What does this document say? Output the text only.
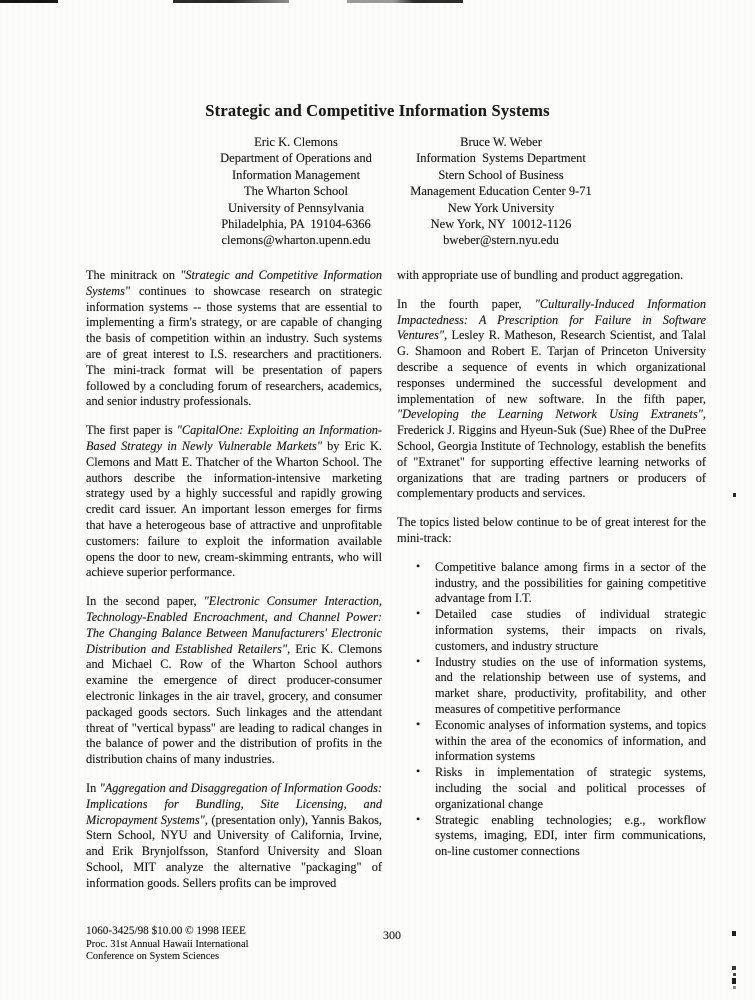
Strategic and Competitive Information Systems
Eric K. Clemons
Department of Operations and
Information Management
The Wharton School
University of Pennsylvania
Philadelphia, PA  19104-6366
clemons@wharton.upenn.edu
Bruce W. Weber
Information  Systems Department
Stern School of Business
Management Education Center 9-71
New York University
New York, NY  10012-1126
bweber@stern.nyu.edu

The minitrack on "Strategic and Competitive Information Systems" continues to showcase research on strategic information systems -- those systems that are essential to implementing a firm's strategy, or are capable of changing the basis of competition within an industry. Such systems are of great interest to I.S. researchers and practitioners. The mini-track format will be presentation of papers followed by a concluding forum of researchers, academics, and senior industry professionals.

The first paper is "CapitalOne: Exploiting an Information-Based Strategy in Newly Vulnerable Markets" by Eric K. Clemons and Matt E. Thatcher of the Wharton School. The authors describe the information-intensive marketing strategy used by a highly successful and rapidly growing credit card issuer. An important lesson emerges for firms that have a heterogeous base of attractive and unprofitable customers: failure to exploit the information available opens the door to new, cream-skimming entrants, who will achieve superior performance.

In the second paper, "Electronic Consumer Interaction, Technology-Enabled Encroachment, and Channel Power: The Changing Balance Between Manufacturers' Electronic Distribution and Established Retailers", Eric K. Clemons and Michael C. Row of the Wharton School authors examine the emergence of direct producer-consumer electronic linkages in the air travel, grocery, and consumer packaged goods sectors. Such linkages and the attendant threat of "vertical bypass" are leading to radical changes in the balance of power and the distribution of profits in the distribution chains of many industries.

In "Aggregation and Disaggregation of Information Goods: Implications for Bundling, Site Licensing, and Micropayment Systems", (presentation only), Yannis Bakos, Stern School, NYU and University of California, Irvine, and Erik Brynjolfsson, Stanford University and Sloan School, MIT analyze the alternative "packaging" of information goods. Sellers profits can be improved

with appropriate use of bundling and product aggregation.

In the fourth paper, "Culturally-Induced Information Impactedness: A Prescription for Failure in Software Ventures", Lesley R. Matheson, Research Scientist, and Talal G. Shamoon and Robert E. Tarjan of Princeton University describe a sequence of events in which organizational responses undermined the successful development and implementation of new software. In the fifth paper, "Developing the Learning Network Using Extranets", Frederick J. Riggins and Hyeun-Suk (Sue) Rhee of the DuPree School, Georgia Institute of Technology, establish the benefits of "Extranet" for supporting effective learning networks of organizations that are trading partners or producers of complementary products and services.

The topics listed below continue to be of great interest for the mini-track:

• Competitive balance among firms in a sector of the industry, and the possibilities for gaining competitive advantage from I.T.
• Detailed case studies of individual strategic information systems, their impacts on rivals, customers, and industry structure
• Industry studies on the use of information systems, and the relationship between use of systems, and market share, productivity, profitability, and other measures of competitive performance
• Economic analyses of information systems, and topics within the area of the economics of information, and information systems
• Risks in implementation of strategic systems, including the social and political processes of organizational change
• Strategic enabling technologies; e.g., workflow systems, imaging, EDI, inter firm communications, on-line customer connections
1060-3425/98 $10.00 © 1998 IEEE
Proc. 31st Annual Hawaii International
Conference on System Sciences
300
